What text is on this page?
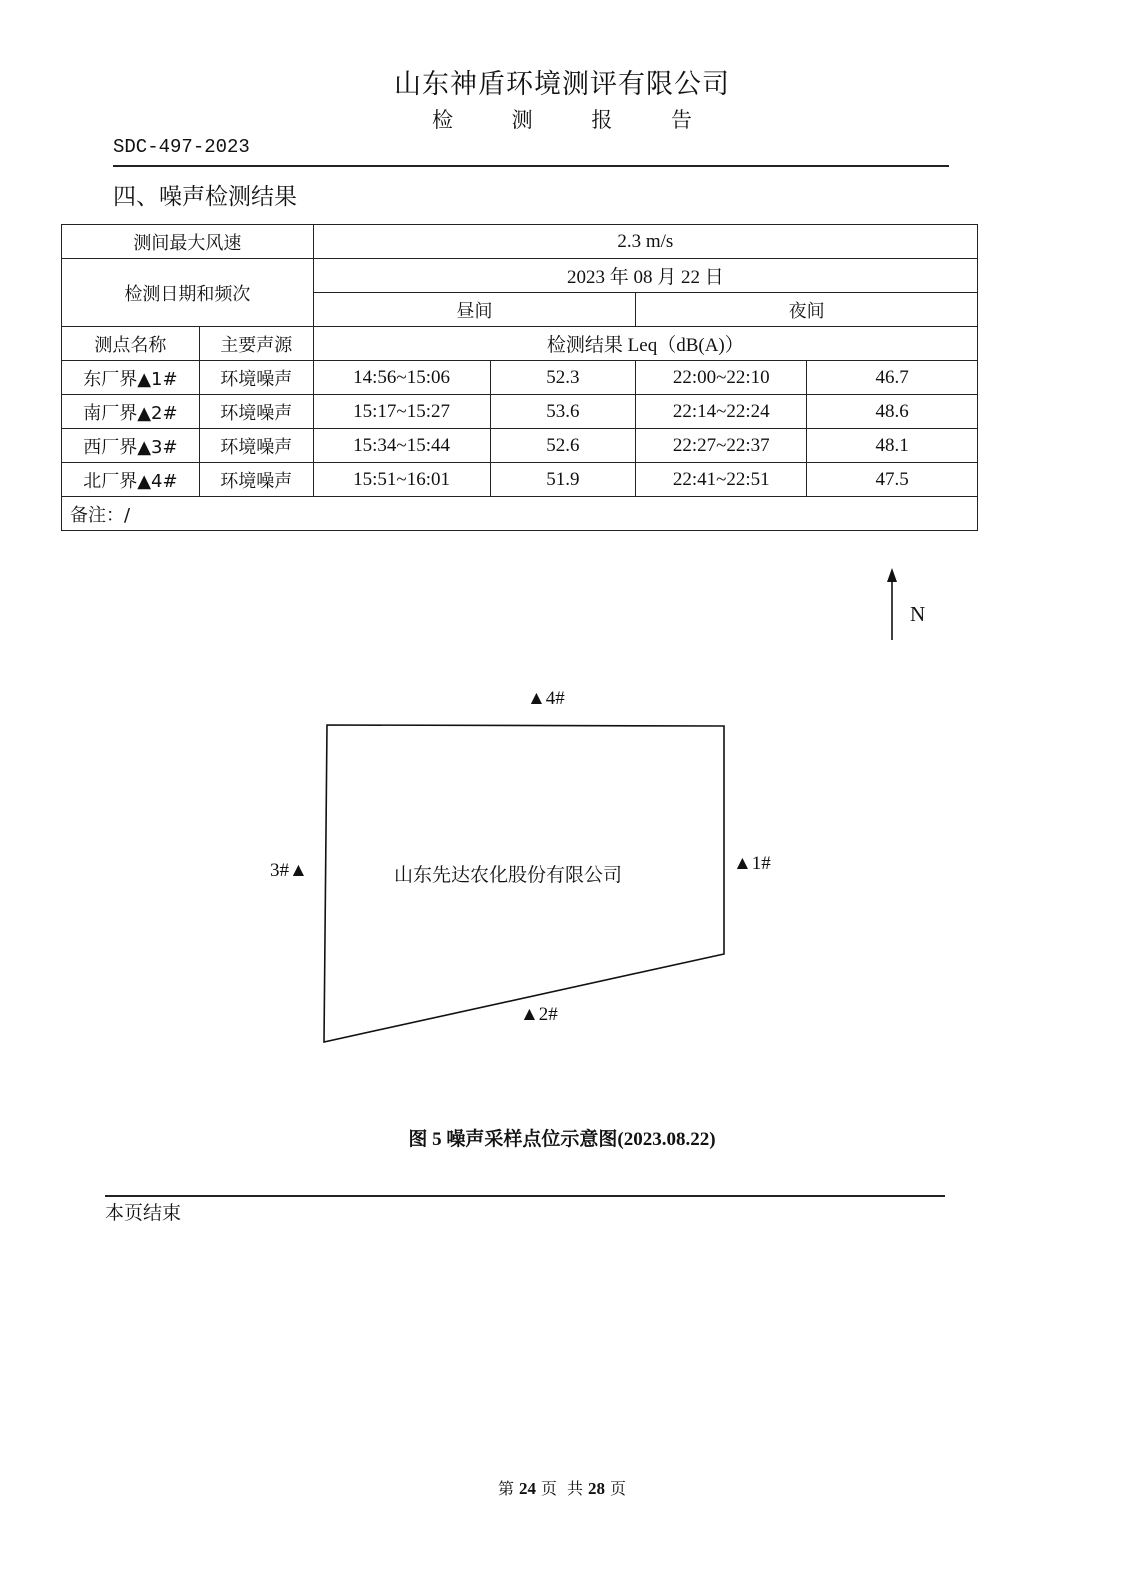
山东神盾环境测评有限公司
检 测 报 告
SDC-497-2023
四、噪声检测结果
测间最大风速		2.3 m/s			
检测日期和频次		2023 年 08 月 22 日			
		昼间		夜间	
测点名称	主要声源	检测结果 Leq（dB(A)）			
东厂界▲1#	环境噪声	14:56~15:06	52.3	22:00~22:10	46.7
南厂界▲2#	环境噪声	15:17~15:27	53.6	22:14~22:24	48.6
西厂界▲3#	环境噪声	15:34~15:44	52.6	22:27~22:37	48.1
北厂界▲4#	环境噪声	15:51~16:01	51.9	22:41~22:51	47.5
备注：/					
N
▲4#
▲1#
3#▲
▲2#
山东先达农化股份有限公司
图 5 噪声采样点位示意图(2023.08.22)
本页结束
第 24 页 共 28 页
